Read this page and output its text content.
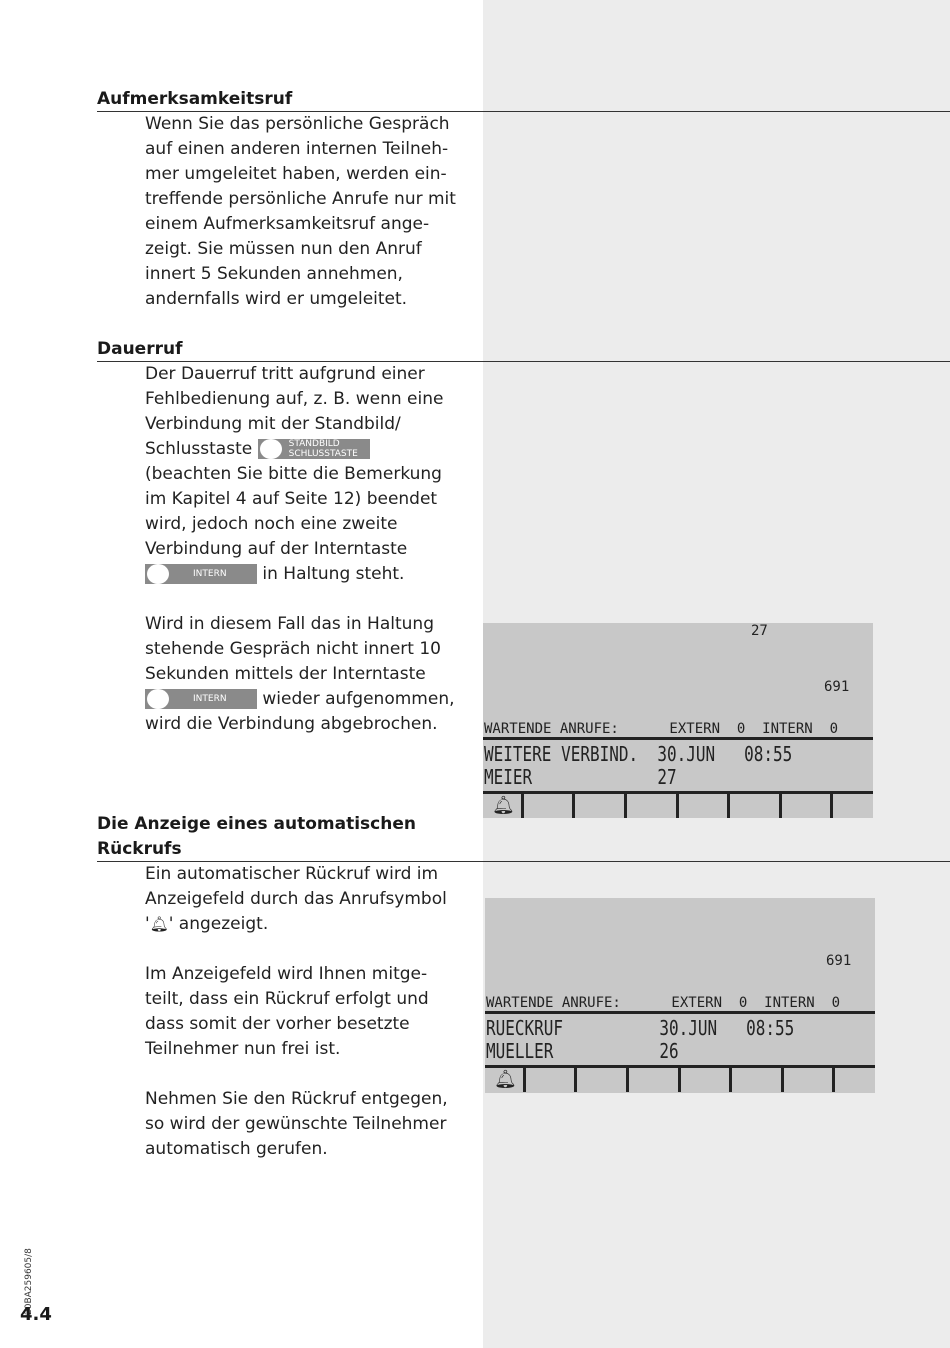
Aufmerksamkeitsruf
Wenn Sie das persönliche Gespräch
auf einen anderen internen Teilneh-
mer umgeleitet haben, werden ein-
treffende persönliche Anrufe nur mit
einem Aufmerksamkeitsruf ange-
zeigt. Sie müssen nun den Anruf
innert 5 Sekunden annehmen,
andernfalls wird er umgeleitet.
Dauerruf
Der Dauerruf tritt aufgrund einer
Fehlbedienung auf, z. B. wenn eine
Verbindung mit der Standbild/
Schlusstaste	STANDBILD
SCHLUSSTASTE
(beachten Sie bitte die Bemerkung
im Kapitel 4 auf Seite 12) beendet
wird, jedoch noch eine zweite
Verbindung auf der Interntaste
INTERN in Haltung steht.
Wird in diesem Fall das in Haltung
stehende Gespräch nicht innert 10
Sekunden mittels der Interntaste
INTERN wieder aufgenommen,
wird die Verbindung abgebrochen.
27
691
WARTENDE ANRUFE:      EXTERN  0  INTERN  0
WEITERE VERBIND.  30.JUN   08:55
MEIER             27
🔔︎
Die Anzeige eines automatischen
Rückrufs
Ein automatischer Rückruf wird im
Anzeigefeld durch das Anrufsymbol
'🔔︎' angezeigt.
Im Anzeigefeld wird Ihnen mitge-
teilt, dass ein Rückruf erfolgt und
dass somit der vorher besetzte
Teilnehmer nun frei ist.
Nehmen Sie den Rückruf entgegen,
so wird der gewünschte Teilnehmer
automatisch gerufen.
691
WARTENDE ANRUFE:      EXTERN  0  INTERN  0
RUECKRUF          30.JUN   08:55
MUELLER           26
🔔︎
20BA259605/8
4.4
